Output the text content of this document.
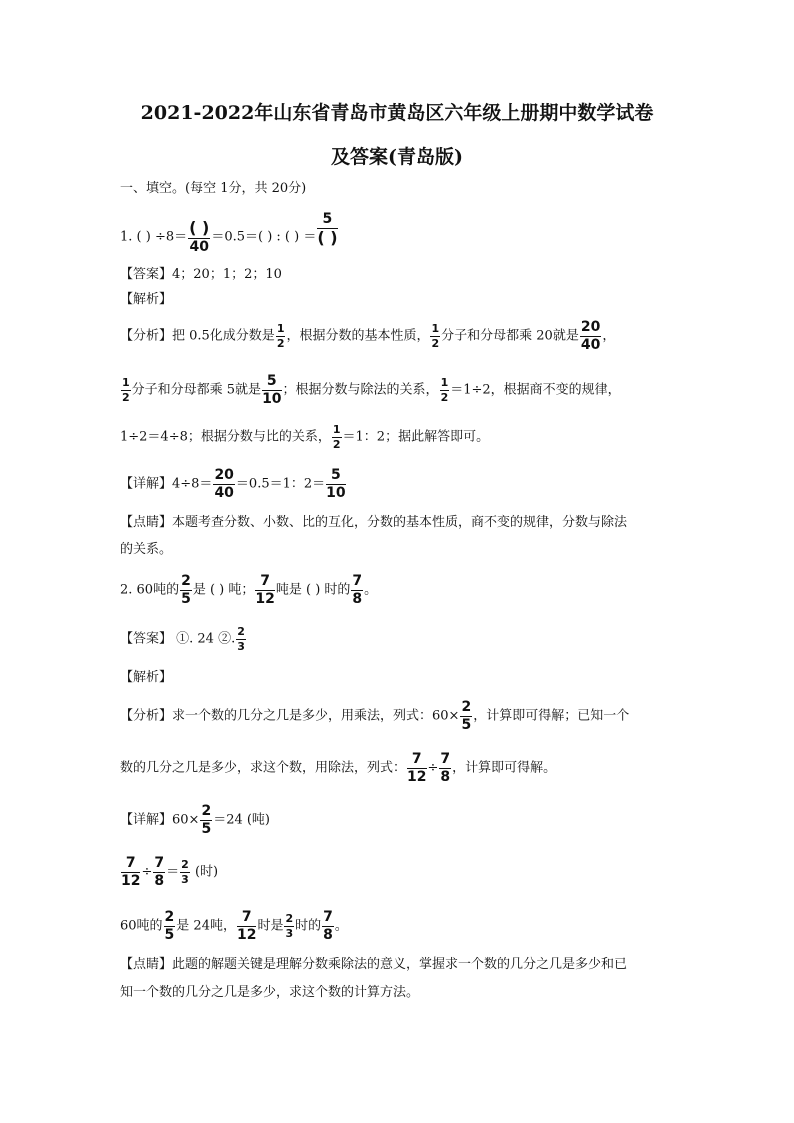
2021-2022年山东省青岛市黄岛区六年级上册期中数学试卷
及答案(青岛版)
一、填空。(每空 1分，共 20分)
1. ( ) $\div 8= \frac{( )}{40} =0.5=$( ) : ( ) ＝ $\frac{5}{( )}$
【答案】4；20；1；2；10
【解析】
【分析】把 0.5化成分数是 $\frac{1}{2}$ ，根据分数的基本性质， $\frac{1}{2}$ 分子和分母都乘 20就是 $\frac{20}{40}$ ，
$\frac{1}{2}$ 分子和分母都乘 5就是 $\frac{5}{10}$ ；根据分数与除法的关系， $\frac{1}{2} =1\div 2$，根据商不变的规律，
1÷2＝4÷8；根据分数与比的关系， $\frac{1}{2} =1$：2；据此解答即可。
【详解】$4\div 8= \frac{20}{40} =0.5=1$：$2= \frac{5}{10}$
【点睛】本题考查分数、小数、比的互化，分数的基本性质，商不变的规律，分数与除法
的关系。
2. 60吨的 $\frac{2}{5}$ 是 ( ) 吨； $\frac{7}{12}$ 吨是 ( ) 时的 $\frac{7}{8}$ 。
【答案】 ①. 24 ②. $\frac{2}{3}$
【解析】
【分析】求一个数的几分之几是多少，用乘法，列式：$60\times \frac{2}{5}$ ，计算即可得解；已知一个
数的几分之几是多少，求这个数，用除法，列式： $\frac{7}{12} \div \frac{7}{8}$ ，计算即可得解。
【详解】$60\times \frac{2}{5} =24$ (吨)
$\frac{7}{12} \div \frac{7}{8} = \frac{2}{3}$ (时)
60吨的 $\frac{2}{5}$ 是 24吨， $\frac{7}{12}$ 时是 $\frac{2}{3}$ 时的 $\frac{7}{8}$ 。
【点睛】此题的解题关键是理解分数乘除法的意义，掌握求一个数的几分之几是多少和已
知一个数的几分之几是多少，求这个数的计算方法。
